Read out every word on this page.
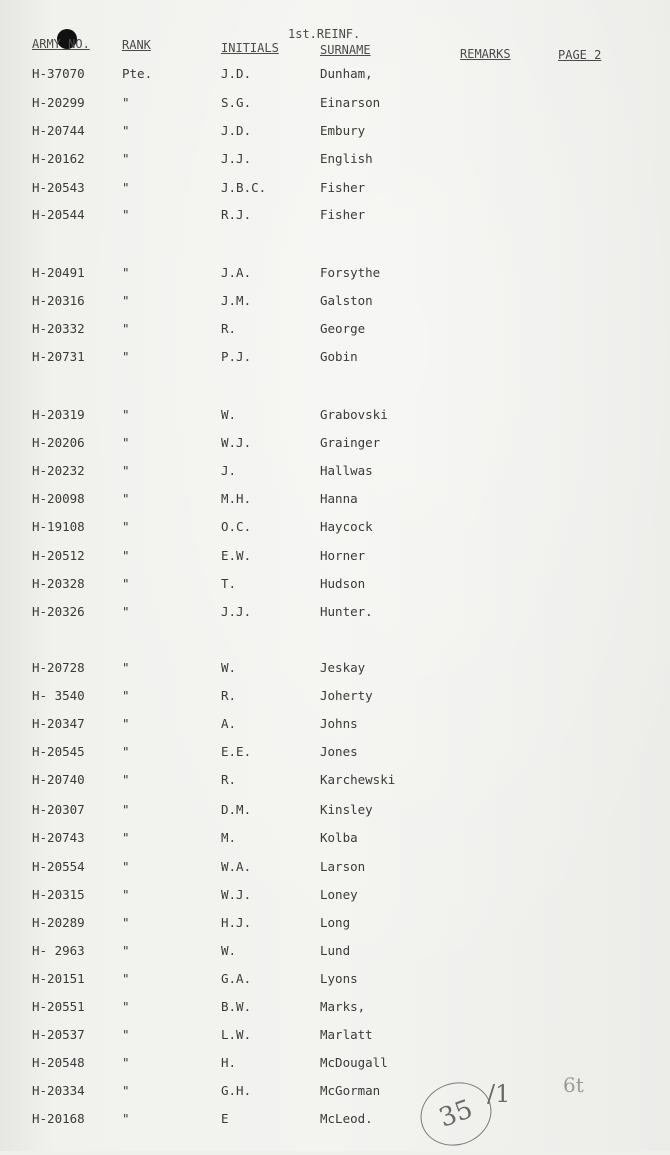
1st.REINF.
ARMY NO.	RANK	INITIALS	SURNAME	REMARKS	PAGE 2
H-37070	Pte.	J.D.	Dunham,
H-20299	"	S.G.	Einarson
H-20744	"	J.D.	Embury
H-20162	"	J.J.	English
H-20543	"	J.B.C.	Fisher
H-20544	"	R.J.	Fisher
H-20491	"	J.A.	Forsythe
H-20316	"	J.M.	Galston
H-20332	"	R.	George
H-20731	"	P.J.	Gobin
H-20319	"	W.	Grabovski
H-20206	"	W.J.	Grainger
H-20232	"	J.	Hallwas
H-20098	"	M.H.	Hanna
H-19108	"	O.C.	Haycock
H-20512	"	E.W.	Horner
H-20328	"	T.	Hudson
H-20326	"	J.J.	Hunter.
H-20728	"	W.	Jeskay
H- 3540	"	R.	Joherty
H-20347	"	A.	Johns
H-20545	"	E.E.	Jones
H-20740	"	R.	Karchewski
H-20307	"	D.M.	Kinsley
H-20743	"	M.	Kolba
H-20554	"	W.A.	Larson
H-20315	"	W.J.	Loney
H-20289	"	H.J.	Long
H- 2963	"	W.	Lund
H-20151	"	G.A.	Lyons
H-20551	"	B.W.	Marks,
H-20537	"	L.W.	Marlatt
H-20548	"	H.	McDougall
H-20334	"	G.H.	McGorman
H-20168	"	E	McLeod.	35
/1	6t
